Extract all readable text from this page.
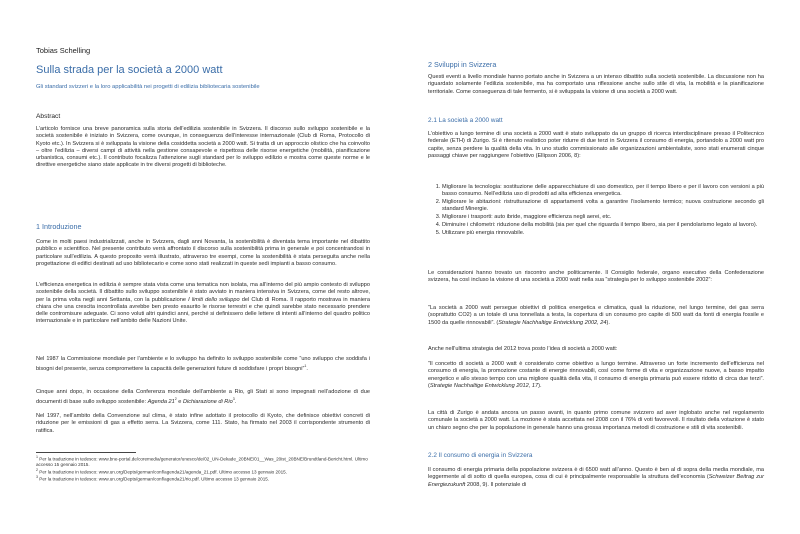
Tobias Schelling
Sulla strada per la società a 2000 watt
Gli standard svizzeri e la loro applicabilità nei progetti di edilizia bibliotecaria sostenibile
Abstract

L’articolo fornisce una breve panoramica sulla storia dell’edilizia sostenibile in Svizzera. Il discorso sullo sviluppo sostenibile e la società sostenibile è iniziato in Svizzera, come ovunque, in conseguenza dell’interesse internazionale (Club di Roma, Protocollo di Kyoto etc.). In Svizzera si è sviluppata la visione della cosiddetta società a 2000 watt. Si tratta di un approccio olistico che ha coinvolto – oltre l’edilizia – diversi campi di attività nella gestione consapevole e rispettosa delle risorse energetiche (mobilità, pianificazione urbanistica, consumi etc.). Il contributo focalizza l’attenzione sugli standard per lo sviluppo edilizio e mostra come queste norme e le direttive energetiche siano state applicate in tre diversi progetti di biblioteche.

1 Introduzione

Come in molti paesi industrializzati, anche in Svizzera, dagli anni Novanta, la sostenibilità è diventata tema importante nel dibattito pubblico e scientifico. Nel presente contributo verrà affrontato il discorso sulla sostenibilità prima in generale e poi concentrandosi in particolare sull’edilizia. A questo proposito verrà illustrato, attraverso tre esempi, come la sostenibilità è stata perseguita anche nella progettazione di edifici destinati ad uso bibliotecario e come sono stati realizzati in queste sedi impianti a basso consumo.

L’efficienza energetica in edilizia è sempre stata vista come una tematica non isolata, ma all’interno del più ampio contesto di sviluppo sostenibile della società. Il dibattito sullo sviluppo sostenibile è stato avviato in maniera intensiva in Svizzera, come del resto altrove, per la prima volta negli anni Settanta, con la pubblicazione I limiti dello sviluppo del Club di Roma. Il rapporto mostrava in maniera chiara che una crescita incontrollata avrebbe ben presto esaurito le risorse terrestri e che quindi sarebbe stato necessario prendere delle contromisure adeguate. Ci sono voluti altri quindici anni, perché si definissero delle lettere di intenti all’interno del quadro politico internazionale e in particolare nell’ambito delle Nazioni Unite.

Nel 1987 la Commissione mondiale per l’ambiente e lo sviluppo ha definito lo sviluppo sostenibile come “uno sviluppo che soddisfa i bisogni del presente, senza compromettere la capacità delle generazioni future di soddisfare i propri bisogni”$^1$.

Cinque anni dopo, in occasione della Conferenza mondiale dell’ambiente a Rio, gli Stati si sono impegnati nell’adozione di due documenti di base sullo sviluppo sostenibile: Agenda 21$^2$ e Dichiarazione di Rio$^3$.

Nel 1997, nell’ambito della Convenzione sul clima, è stato infine adottato il protocollo di Kyoto, che definisce obiettivi concreti di riduzione per le emissioni di gas a effetto serra. La Svizzera, come 111. Stato, ha firmato nel 2003 il corrispondente strumento di ratifica.

$^1$ Per la traduzione in tedesco: www.bne-portal.de/coremedia/generator/unesco/de/02_UN-Dekade_20BNE/01__Was_20ist_20BNE/Brundtland-Bericht.html. Ultimo accesso 15 gennaio 2015.

$^2$ Per la traduzione in tedesco: www.un.org/Depts/german/conf/agenda21/agenda_21.pdf. Ultimo accesso 13 gennaio 2015.

$^3$ Per la traduzione in tedesco: www.un.org/Depts/german/conf/agenda21/rio.pdf. Ultimo accesso 13 gennaio 2015.

2 Sviluppi in Svizzera

Questi eventi a livello mondiale hanno portato anche in Svizzera a un intenso dibattito sulla società sostenibile. La discussione non ha riguardato solamente l’edilizia sostenibile, ma ha comportato una riflessione anche sullo stile di vita, la mobilità e la pianificazione territoriale. Come conseguenza di tale fermento, si è sviluppata la visione di una società a 2000 watt.

2.1 La società a 2000 watt

L’obiettivo a lungo termine di una società a 2000 watt è stato sviluppato da un gruppo di ricerca interdisciplinare presso il Politecnico federale (ETH) di Zurigo. Si è ritenuto realistico poter ridurre di due terzi in Svizzera il consumo di energia, portandolo a 2000 watt pro capite, senza perdere la qualità della vita. In uno studio commissionato alle organizzazioni ambientaliste, sono stati enumerati cinque passaggi chiave per raggiungere l’obiettivo (Ellipson 2006, 8):

1. Migliorare la tecnologia: sostituzione delle apparecchiature di uso domestico, per il tempo libero e per il lavoro con versioni a più basso consumo. Nell’edilizia uso di prodotti ad alta efficienza energetica.
2. Migliorare le abitazioni: ristrutturazione di appartamenti volta a garantire l’isolamento termico; nuova costruzione secondo gli standard Minergie.
3. Migliorare i trasporti: auto ibride, maggiore efficienza negli aerei, etc.
4. Diminuire i chilometri: riduzione della mobilità (sia per quel che riguarda il tempo libero, sia per il pendolarismo legato al lavoro).
5. Utilizzare più energia rinnovabile.

Le considerazioni hanno trovato un riscontro anche politicamente. Il Consiglio federale, organo esecutivo della Confederazione svizzera, ha così incluso la visione di una società a 2000 watt nella sua “strategia per lo sviluppo sostenibile 2002”:

“La società a 2000 watt persegue obiettivi di politica energetica e climatica, quali la riduzione, nel lungo termine, dei gas serra (soprattutto CO2) a un totale di una tonnellata a testa, la copertura di un consumo pro capite di 500 watt da fonti di energia fossile e 1500 da quelle rinnovabili”. (Strategie Nachhaltige Entwicklung 2002, 24).

Anche nell’ultima strategia del 2012 trova posto l’idea di società a 2000 watt:

“Il concetto di società a 2000 watt è considerato come obiettivo a lungo termine. Attraverso un forte incremento dell’efficienza nel consumo di energia, la promozione costante di energie rinnovabili, così come forme di vita e organizzazione nuove, a basso impatto energetico e allo stesso tempo con una migliore qualità della vita, il consumo di energia primaria può essere ridotto di circa due terzi”. (Strategie Nachhaltige Entwicklung 2012, 17).

La città di Zurigo è andata ancora un passo avanti, in quanto primo comune svizzero ad aver inglobato anche nel regolamento comunale la società a 2000 watt. La mozione è stata accettata nel 2008 con il 76% di voti favorevoli. Il risultato della votazione è stato un chiaro segno che per la popolazione in generale hanno una grossa importanza metodi di costruzione e stili di vita sostenibili.

2.2 Il consumo di energia in Svizzera

Il consumo di energia primaria della popolazione svizzera è di 6500 watt all’anno. Questo è ben al di sopra della media mondiale, ma leggermente al di sotto di quella europea, cosa di cui è principalmente responsabile la struttura dell’economia (Schweizer Beitrag zur Energiezukunft 2008, 9). Il potenziale di
